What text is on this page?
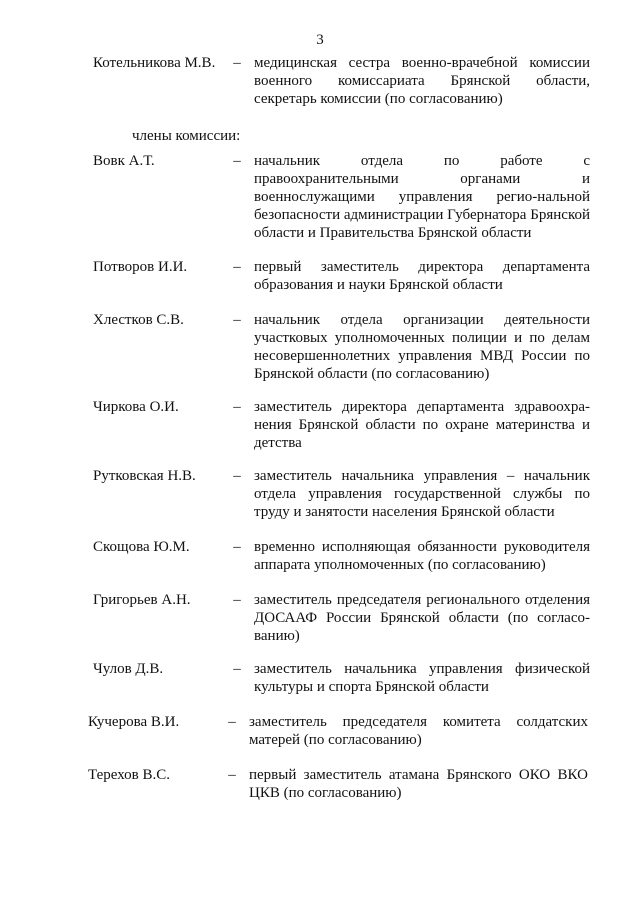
3
Котельникова М.В. – медицинская сестра военно-врачебной комиссии военного комиссариата Брянской области, секретарь комиссии (по согласованию)
члены комиссии:
Вовк А.Т.	– начальник отдела по работе с правоохранительными органами и военнослужащими управления регио-нальной безопасности администрации Губернатора Брянской области и Правительства Брянской области
Потворов И.И.	– первый заместитель директора департамента образования и науки Брянской области
Хлестков С.В.	– начальник отдела организации деятельности участковых уполномоченных полиции и по делам несовершеннолетних управления МВД России по Брянской области (по согласованию)
Чиркова О.И.	– заместитель директора департамента здравоохра-нения Брянской области по охране материнства и детства
Рутковская Н.В. – заместитель начальника управления – начальник отдела управления государственной службы по труду и занятости населения Брянской области
Скощова Ю.М.	– временно исполняющая обязанности руководителя аппарата уполномоченных (по согласованию)
Григорьев А.Н.	– заместитель председателя регионального отделения ДОСААФ России Брянской области (по согласо-ванию)
Чулов Д.В.	– заместитель начальника управления физической культуры и спорта Брянской области
Кучерова В.И.	– заместитель председателя комитета солдатских матерей (по согласованию)
Терехов В.С.	– первый заместитель атамана Брянского ОКО ВКО ЦКВ (по согласованию)
